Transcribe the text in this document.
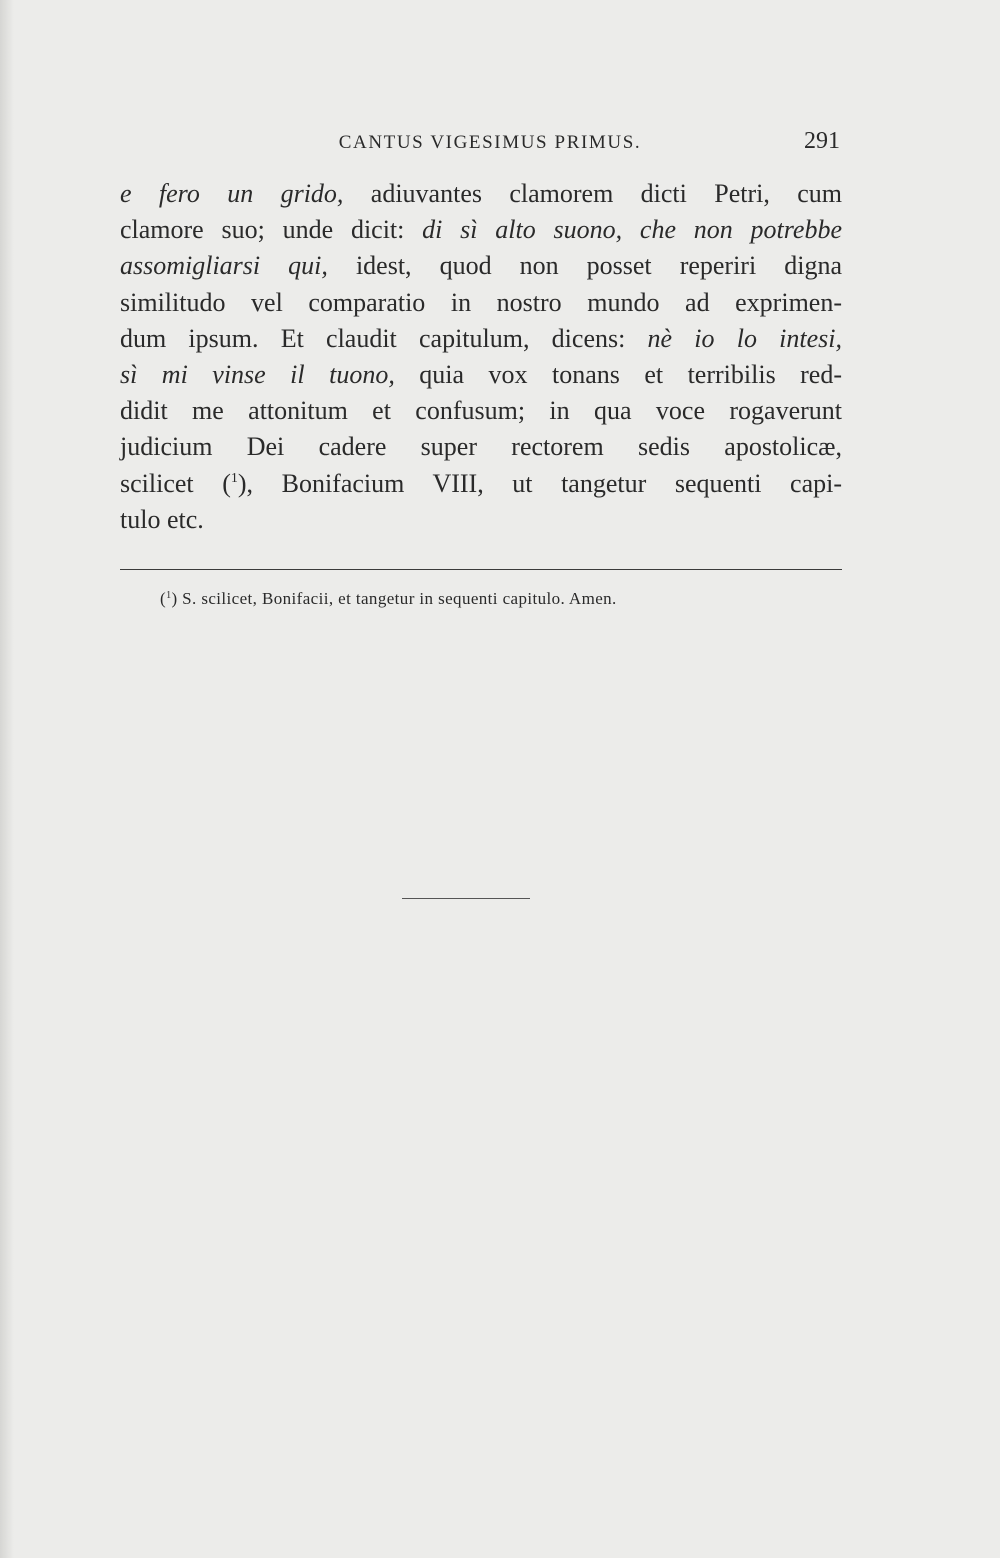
CANTUS VIGESIMUS PRIMUS.	291
e fero un grido, adiuvantes clamorem dicti Petri, cum
clamore suo; unde dicit: di sì alto suono, che non potrebbe
assomigliarsi qui, idest, quod non posset reperiri digna
similitudo vel comparatio in nostro mundo ad exprimen-
dum ipsum. Et claudit capitulum, dicens: nè io lo intesi,
sì mi vinse il tuono, quia vox tonans et terribilis red-
didit me attonitum et confusum; in qua voce rogaverunt
judicium Dei cadere super rectorem sedis apostolicæ,
scilicet ($^1$), Bonifacium VIII, ut tangetur sequenti capi-
tulo etc.
($^1$) S. scilicet, Bonifacii, et tangetur in sequenti capitulo. Amen.
